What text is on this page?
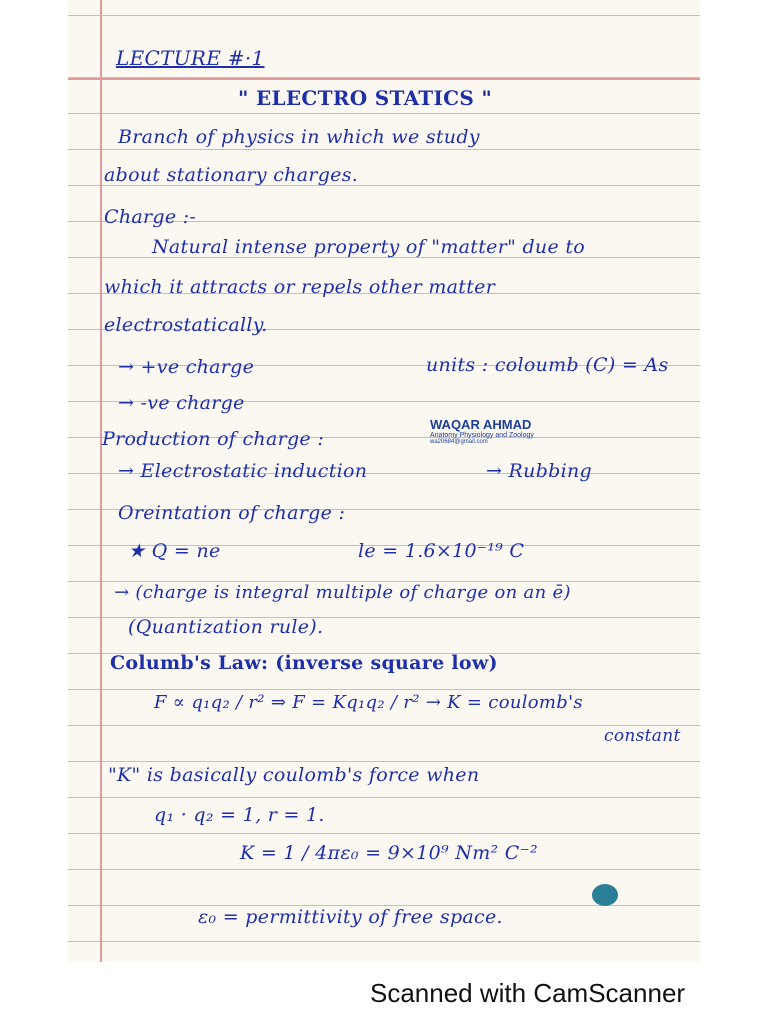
LECTURE #·1

" ELECTRO STATICS "

Branch of physics in which we study

about stationary charges.

Charge :-

Natural intense property of "matter" due to

which it attracts or repels other matter

electrostatically.

→ +ve charge	units : coloumb (C) = As

→ -ve charge

Production of charge :

→ Electrostatic induction	→ Rubbing

Oreintation of charge :

★ Q = ne	le = 1.6×10⁻¹⁹ C

→ (charge is integral multiple of charge on an ē)

(Quantization rule).

Columb's Law: (inverse square low)

F ∝ q₁q₂ / r² ⇒ F = Kq₁q₂ / r² → K = coulomb's

constant

"K" is basically coulomb's force when

q₁ · q₂ = 1, r = 1.

K = 1 / 4πε₀ = 9×10⁹ Nm² C⁻²

ε₀ = permittivity of free space.

WAQAR AHMAD
Anatomy Physiology and Zoology
wa20684@gmail.com
Scanned with CamScanner
